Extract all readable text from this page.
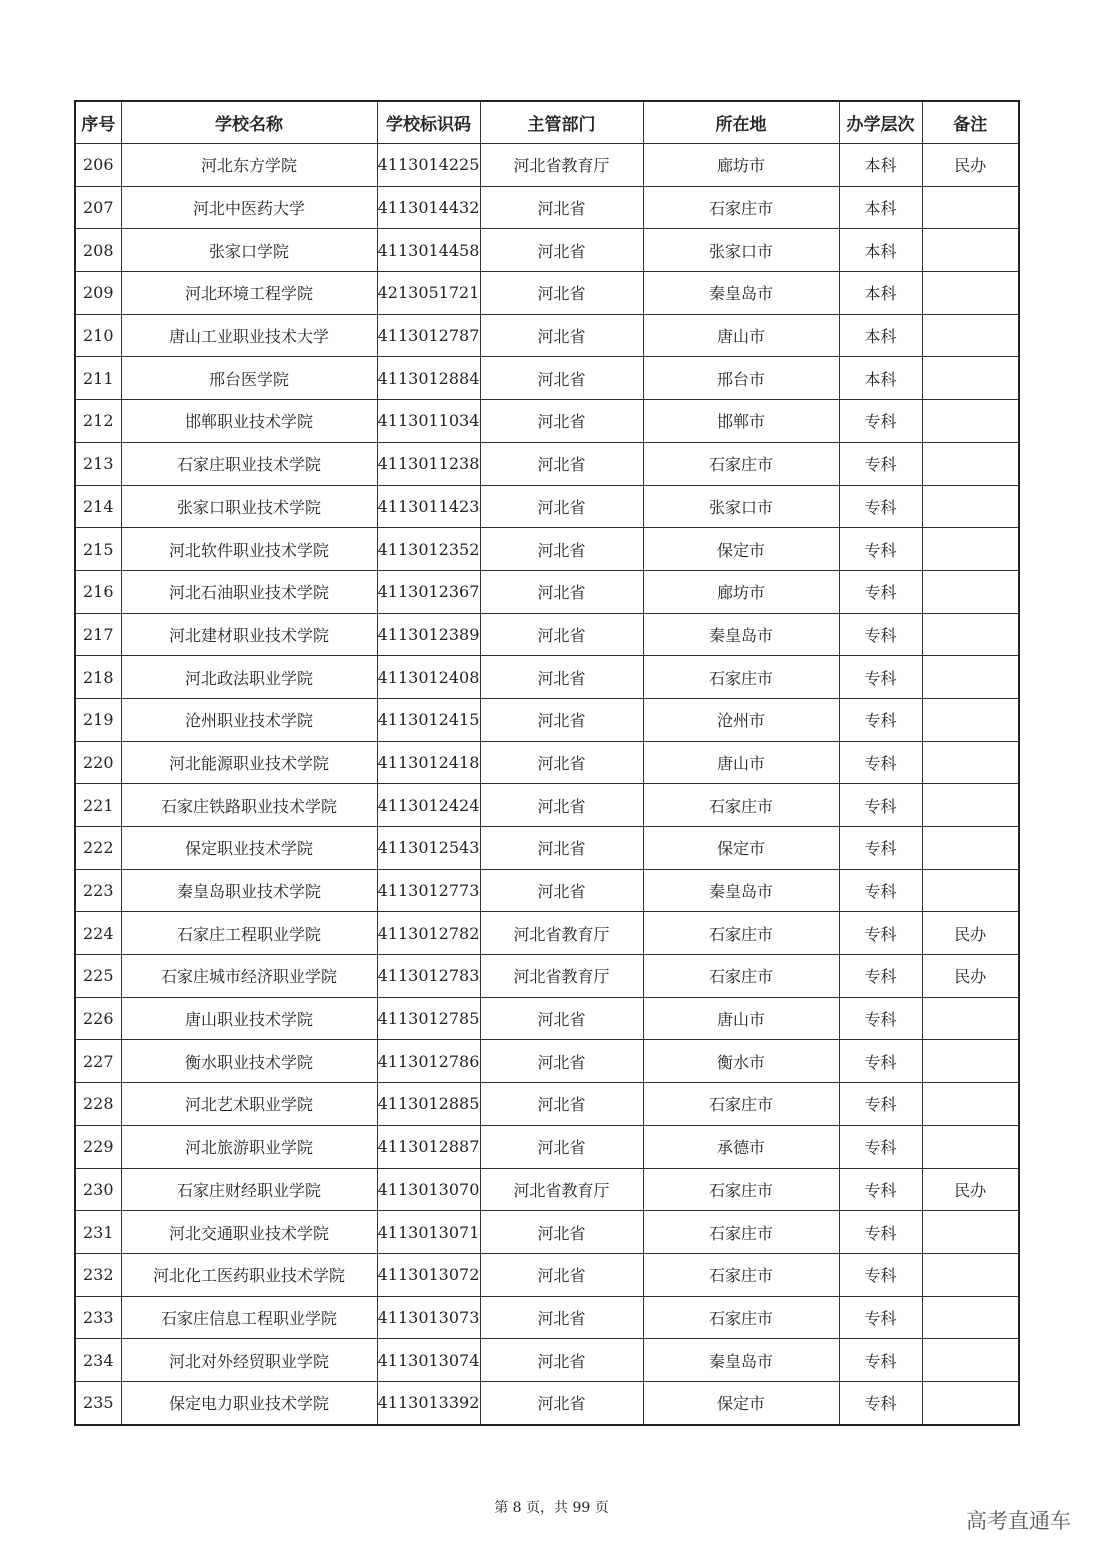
序号	学校名称	学校标识码	主管部门	所在地	办学层次	备注
206	河北东方学院	4113014225	河北省教育厅	廊坊市	本科	民办
207	河北中医药大学	4113014432	河北省	石家庄市	本科	
208	张家口学院	4113014458	河北省	张家口市	本科	
209	河北环境工程学院	4213051721	河北省	秦皇岛市	本科	
210	唐山工业职业技术大学	4113012787	河北省	唐山市	本科	
211	邢台医学院	4113012884	河北省	邢台市	本科	
212	邯郸职业技术学院	4113011034	河北省	邯郸市	专科	
213	石家庄职业技术学院	4113011238	河北省	石家庄市	专科	
214	张家口职业技术学院	4113011423	河北省	张家口市	专科	
215	河北软件职业技术学院	4113012352	河北省	保定市	专科	
216	河北石油职业技术学院	4113012367	河北省	廊坊市	专科	
217	河北建材职业技术学院	4113012389	河北省	秦皇岛市	专科	
218	河北政法职业学院	4113012408	河北省	石家庄市	专科	
219	沧州职业技术学院	4113012415	河北省	沧州市	专科	
220	河北能源职业技术学院	4113012418	河北省	唐山市	专科	
221	石家庄铁路职业技术学院	4113012424	河北省	石家庄市	专科	
222	保定职业技术学院	4113012543	河北省	保定市	专科	
223	秦皇岛职业技术学院	4113012773	河北省	秦皇岛市	专科	
224	石家庄工程职业学院	4113012782	河北省教育厅	石家庄市	专科	民办
225	石家庄城市经济职业学院	4113012783	河北省教育厅	石家庄市	专科	民办
226	唐山职业技术学院	4113012785	河北省	唐山市	专科	
227	衡水职业技术学院	4113012786	河北省	衡水市	专科	
228	河北艺术职业学院	4113012885	河北省	石家庄市	专科	
229	河北旅游职业学院	4113012887	河北省	承德市	专科	
230	石家庄财经职业学院	4113013070	河北省教育厅	石家庄市	专科	民办
231	河北交通职业技术学院	4113013071	河北省	石家庄市	专科	
232	河北化工医药职业技术学院	4113013072	河北省	石家庄市	专科	
233	石家庄信息工程职业学院	4113013073	河北省	石家庄市	专科	
234	河北对外经贸职业学院	4113013074	河北省	秦皇岛市	专科	
235	保定电力职业技术学院	4113013392	河北省	保定市	专科	
第 8 页，共 99 页
高考直通车
